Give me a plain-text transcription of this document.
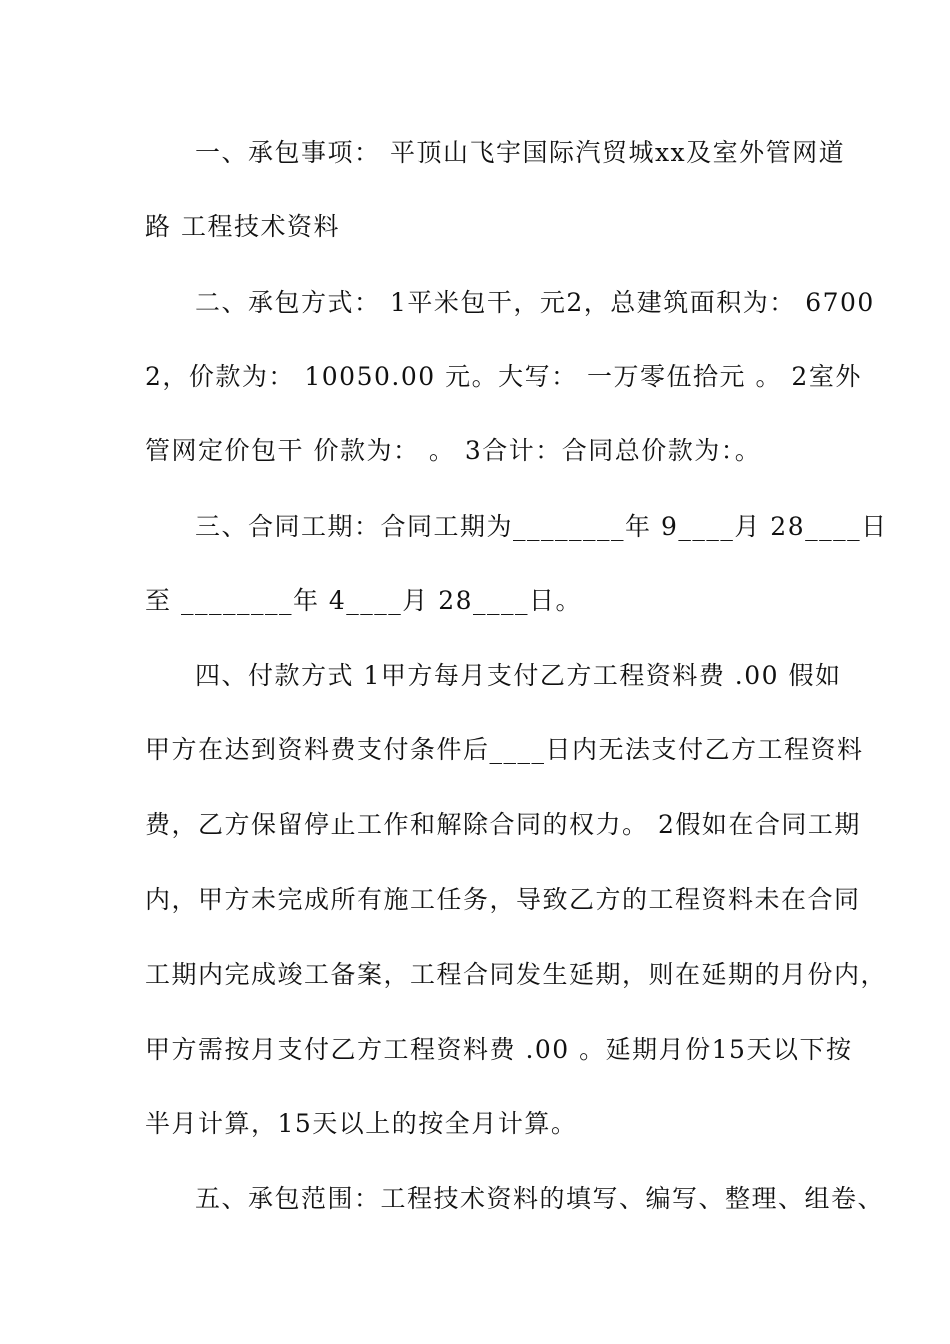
一、承包事项： 平顶山飞宇国际汽贸城xx及室外管网道
路 工程技术资料
二、承包方式： 1平米包干，元2，总建筑面积为： 6700
2，价款为： 10050.00 元。大写： 一万零伍拾元 。 2室外
管网定价包干 价款为： 。 3合计：合同总价款为：。
三、合同工期：合同工期为________年 9____月 28____日
至 ________年 4____月 28____日。
四、付款方式 1甲方每月支付乙方工程资料费 .00 假如
甲方在达到资料费支付条件后____日内无法支付乙方工程资料
费，乙方保留停止工作和解除合同的权力。 2假如在合同工期
内，甲方未完成所有施工任务，导致乙方的工程资料未在合同
工期内完成竣工备案，工程合同发生延期，则在延期的月份内，
甲方需按月支付乙方工程资料费 .00 。延期月份15天以下按
半月计算，15天以上的按全月计算。
五、承包范围：工程技术资料的填写、编写、整理、组卷、
